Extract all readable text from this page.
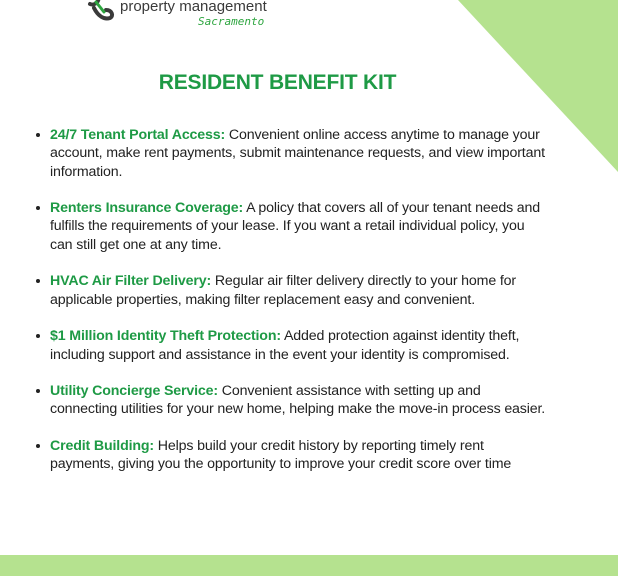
property management
Sacramento
RESIDENT BENEFIT KIT
24/7 Tenant Portal Access: Convenient online access anytime to manage your account, make rent payments, submit maintenance requests, and view important information.
Renters Insurance Coverage: A policy that covers all of your tenant needs and fulfills the requirements of your lease. If you want a retail individual policy, you can still get one at any time.
HVAC Air Filter Delivery: Regular air filter delivery directly to your home for applicable properties, making filter replacement easy and convenient.
$1 Million Identity Theft Protection: Added protection against identity theft, including support and assistance in the event your identity is compromised.
Utility Concierge Service: Convenient assistance with setting up and connecting utilities for your new home, helping make the move-in process easier.
Credit Building: Helps build your credit history by reporting timely rent payments, giving you the opportunity to improve your credit score over time
